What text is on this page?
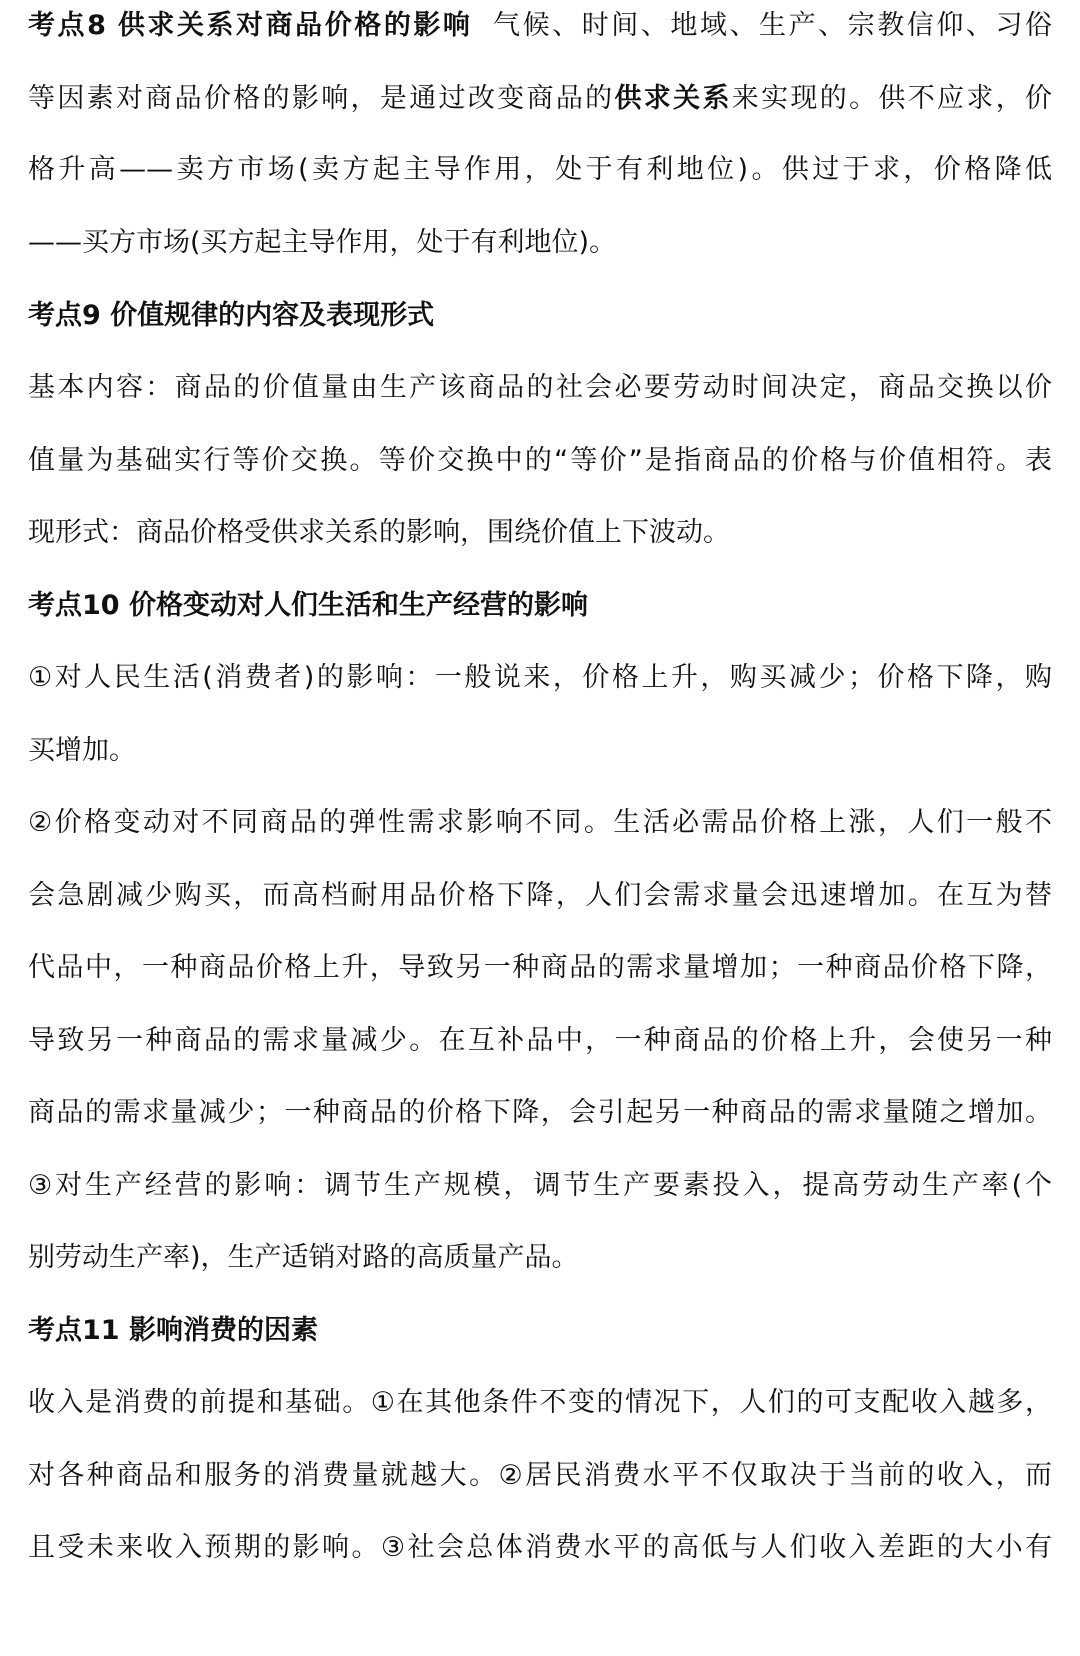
考点8 供求关系对商品价格的影响 气候、时间、地域、生产、宗教信仰、习俗
等因素对商品价格的影响，是通过改变商品的供求关系来实现的。供不应求，价
格升高——卖方市场(卖方起主导作用，处于有利地位)。供过于求，价格降低
——买方市场(买方起主导作用，处于有利地位)。
考点9 价值规律的内容及表现形式
基本内容：商品的价值量由生产该商品的社会必要劳动时间决定，商品交换以价
值量为基础实行等价交换。等价交换中的“等价”是指商品的价格与价值相符。表
现形式：商品价格受供求关系的影响，围绕价值上下波动。
考点10 价格变动对人们生活和生产经营的影响
①对人民生活(消费者)的影响：一般说来，价格上升，购买减少；价格下降，购
买增加。
②价格变动对不同商品的弹性需求影响不同。生活必需品价格上涨，人们一般不
会急剧减少购买，而高档耐用品价格下降，人们会需求量会迅速增加。在互为替
代品中，一种商品价格上升，导致另一种商品的需求量增加；一种商品价格下降，
导致另一种商品的需求量减少。在互补品中，一种商品的价格上升，会使另一种
商品的需求量减少；一种商品的价格下降，会引起另一种商品的需求量随之增加。
③对生产经营的影响：调节生产规模，调节生产要素投入，提高劳动生产率(个
别劳动生产率)，生产适销对路的高质量产品。
考点11 影响消费的因素
收入是消费的前提和基础。①在其他条件不变的情况下，人们的可支配收入越多，
对各种商品和服务的消费量就越大。②居民消费水平不仅取决于当前的收入，而
且受未来收入预期的影响。③社会总体消费水平的高低与人们收入差距的大小有
